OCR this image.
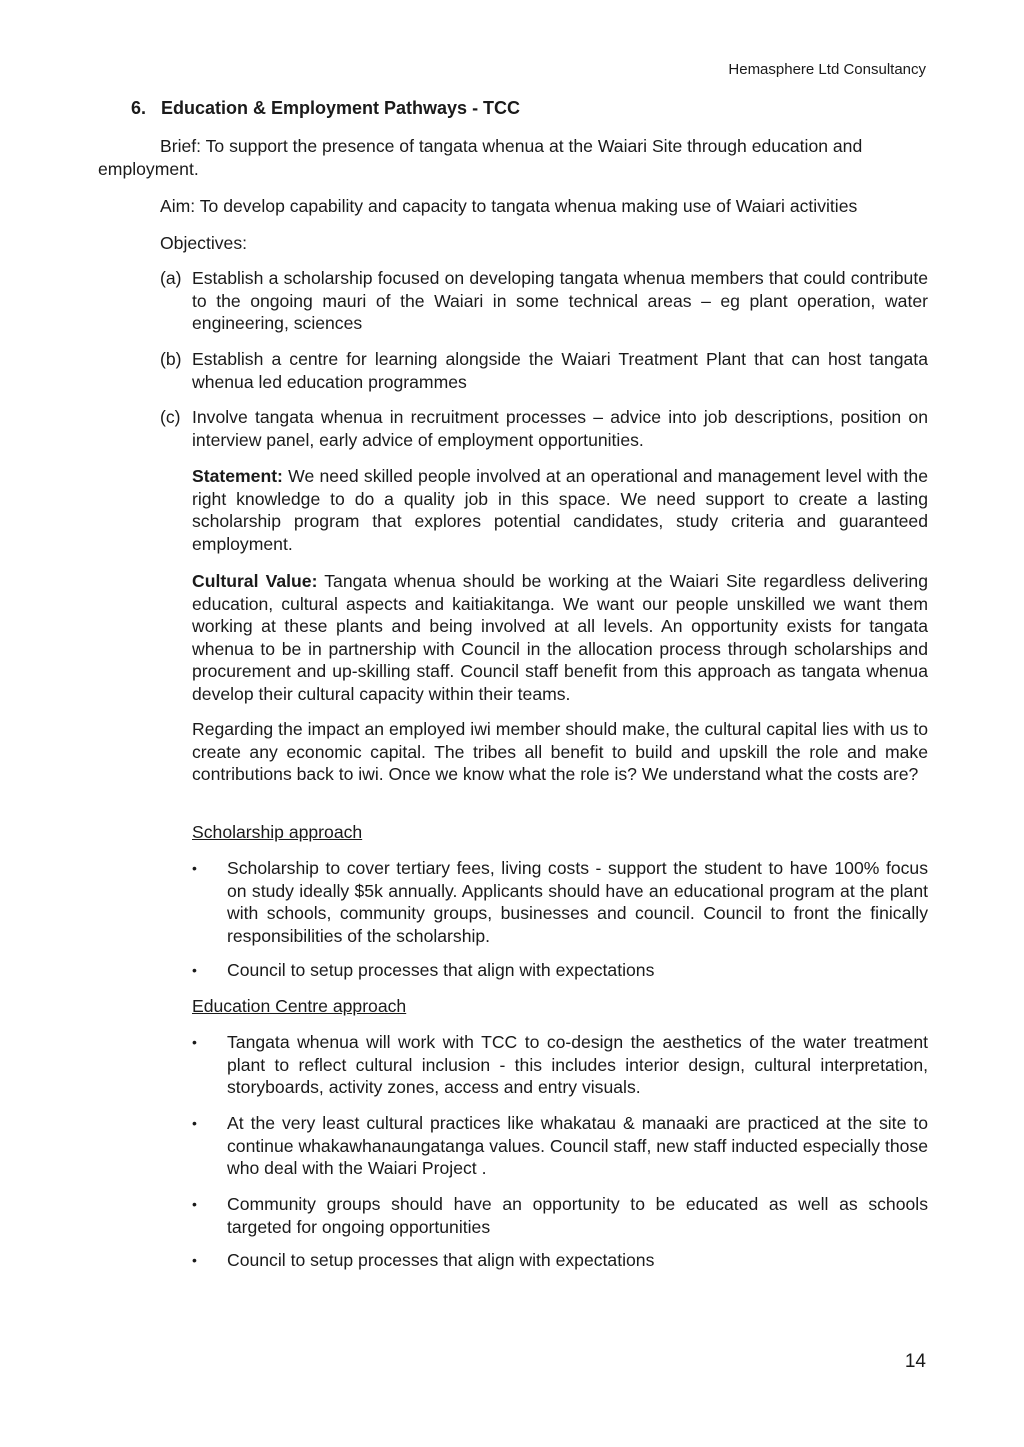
Hemasphere Ltd Consultancy
6. Education & Employment Pathways - TCC
Brief: To support the presence of tangata whenua at the Waiari Site through education and employment.
Aim: To develop capability and capacity to tangata whenua making use of Waiari activities
Objectives:
(a) Establish a scholarship focused on developing tangata whenua members that could contribute to the ongoing mauri of the Waiari in some technical areas – eg plant operation, water engineering, sciences
(b) Establish a centre for learning alongside the Waiari Treatment Plant that can host tangata whenua led education programmes
(c) Involve tangata whenua in recruitment processes – advice into job descriptions, position on interview panel, early advice of employment opportunities.
Statement: We need skilled people involved at an operational and management level with the right knowledge to do a quality job in this space. We need support to create a lasting scholarship program that explores potential candidates, study criteria and guaranteed employment.
Cultural Value: Tangata whenua should be working at the Waiari Site regardless delivering education, cultural aspects and kaitiakitanga. We want our people unskilled we want them working at these plants and being involved at all levels. An opportunity exists for tangata whenua to be in partnership with Council in the allocation process through scholarships and procurement and up-skilling staff. Council staff benefit from this approach as tangata whenua develop their cultural capacity within their teams.
Regarding the impact an employed iwi member should make, the cultural capital lies with us to create any economic capital. The tribes all benefit to build and upskill the role and make contributions back to iwi. Once we know what the role is? We understand what the costs are?
Scholarship approach
•	Scholarship to cover tertiary fees, living costs - support the student to have 100% focus on study ideally $5k annually. Applicants should have an educational program at the plant with schools, community groups, businesses and council. Council to front the finically responsibilities of the scholarship.
•	Council to setup processes that align with expectations
Education Centre approach
•	Tangata whenua will work with TCC to co-design the aesthetics of the water treatment plant to reflect cultural inclusion - this includes interior design, cultural interpretation, storyboards, activity zones, access and entry visuals.
•	At the very least cultural practices like whakatau & manaaki are practiced at the site to continue whakawhanaungatanga values. Council staff, new staff inducted especially those who deal with the Waiari Project .
•	Community groups should have an opportunity to be educated as well as schools targeted for ongoing opportunities
•	Council to setup processes that align with expectations
14
